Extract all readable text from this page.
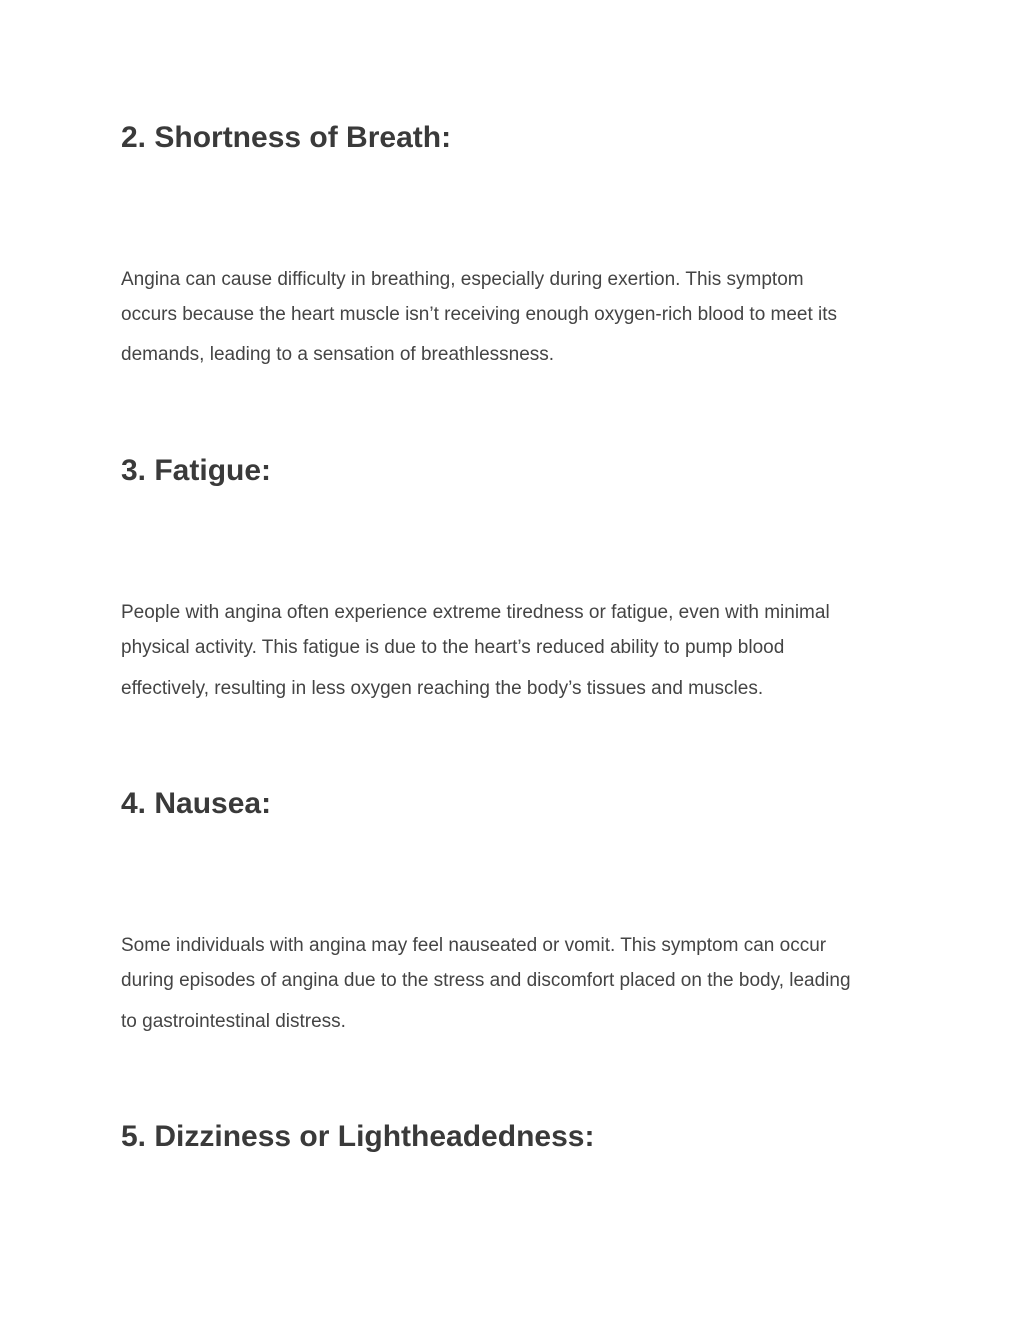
2. Shortness of Breath:
Angina can cause difficulty in breathing, especially during exertion. This symptom
occurs because the heart muscle isn’t receiving enough oxygen-rich blood to meet its
demands, leading to a sensation of breathlessness.
3. Fatigue:
People with angina often experience extreme tiredness or fatigue, even with minimal
physical activity. This fatigue is due to the heart’s reduced ability to pump blood
effectively, resulting in less oxygen reaching the body’s tissues and muscles.
4. Nausea:
Some individuals with angina may feel nauseated or vomit. This symptom can occur
during episodes of angina due to the stress and discomfort placed on the body, leading
to gastrointestinal distress.
5. Dizziness or Lightheadedness:
